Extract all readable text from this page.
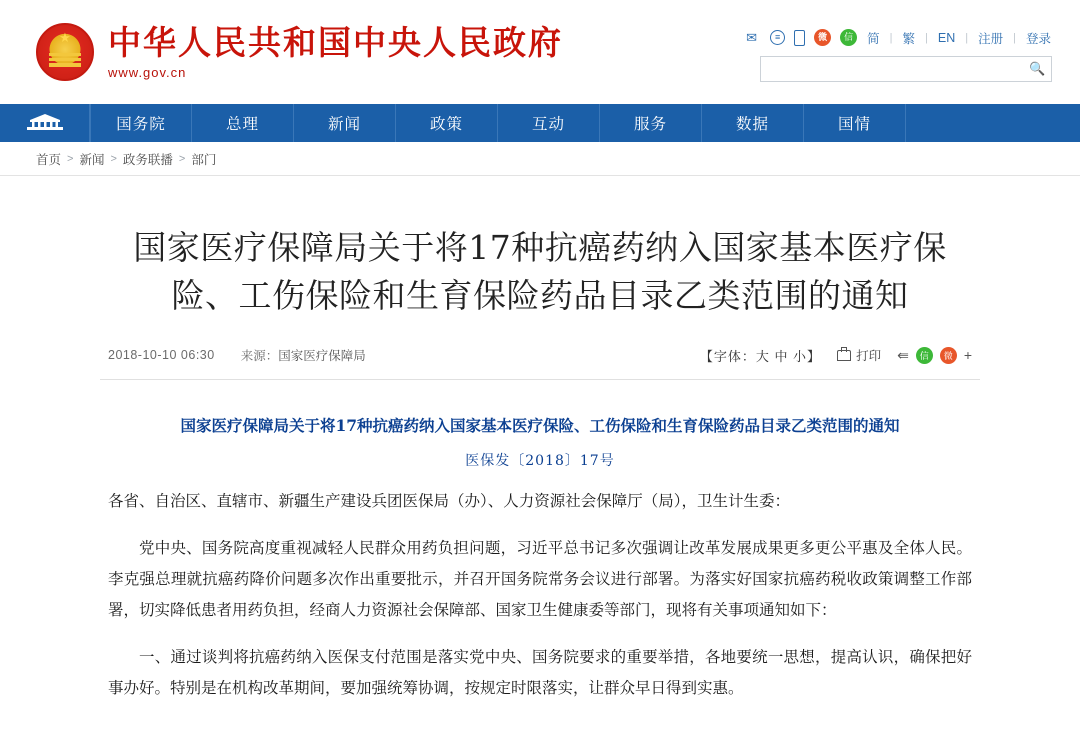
★
中华人民共和国中央人民政府
www.gov.cn
✉	≡	微	信	简 | 繁 | EN | 注册 | 登录
🔍
国务院	总理	新闻	政策	互动	服务	数据	国情
首页 > 新闻 > 政务联播 > 部门
国家医疗保障局关于将17种抗癌药纳入国家基本医疗保险、工伤保险和生育保险药品目录乙类范围的通知
2018-10-10 06:30 来源：国家医疗保障局	【字体：大 中 小】	打印 ⇚	信	微 +
国家医疗保障局关于将17种抗癌药纳入国家基本医疗保险、工伤保险和生育保险药品目录乙类范围的通知
医保发〔2018〕17号

各省、自治区、直辖市、新疆生产建设兵团医保局（办）、人力资源社会保障厅（局），卫生计生委：

党中央、国务院高度重视减轻人民群众用药负担问题，习近平总书记多次强调让改革发展成果更多更公平惠及全体人民。李克强总理就抗癌药降价问题多次作出重要批示，并召开国务院常务会议进行部署。为落实好国家抗癌药税收政策调整工作部署，切实降低患者用药负担，经商人力资源社会保障部、国家卫生健康委等部门，现将有关事项通知如下：

一、通过谈判将抗癌药纳入医保支付范围是落实党中央、国务院要求的重要举措，各地要统一思想，提高认识，确保把好事办好。特别是在机构改革期间，要加强统筹协调，按规定时限落实，让群众早日得到实惠。
